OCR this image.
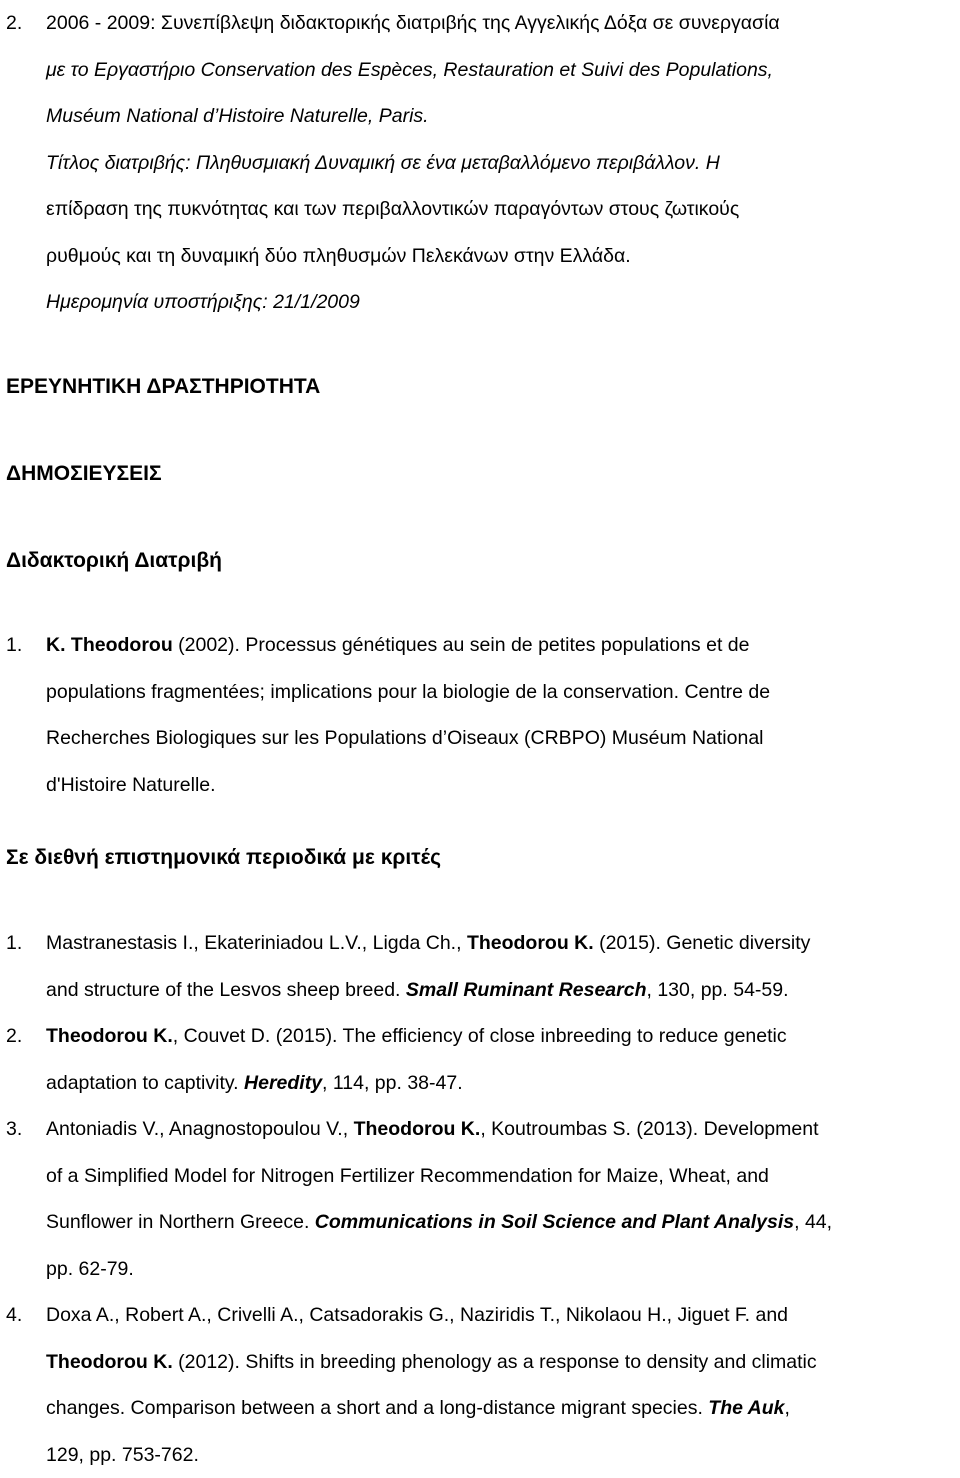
2. 2006 - 2009: Συνεπίβλεψη διδακτορικής διατριβής της Αγγελικής Δόξα σε συνεργασία
με το Εργαστήριο Conservation des Espèces, Restauration et Suivi des Populations,
Muséum National d’Histoire Naturelle, Paris.
Τίτλος διατριβής: Πληθυσμιακή Δυναμική σε ένα μεταβαλλόμενο περιβάλλον. Η
επίδραση της πυκνότητας και των περιβαλλοντικών παραγόντων στους ζωτικούς
ρυθμούς και τη δυναμική δύο πληθυσμών Πελεκάνων στην Ελλάδα.
Ημερομηνία υποστήριξης: 21/1/2009
ΕΡΕΥΝΗΤΙΚΗ ΔΡΑΣΤΗΡΙΟΤΗΤΑ
ΔΗΜΟΣΙΕΥΣΕΙΣ
Διδακτορική Διατριβή
1. K. Theodorou (2002). Processus génétiques au sein de petites populations et de
populations fragmentées; implications pour la biologie de la conservation. Centre de
Recherches Biologiques sur les Populations d’Oiseaux (CRBPO) Muséum National
d'Histoire Naturelle.
Σε διεθνή επιστημονικά περιοδικά με κριτές
1. Mastranestasis I., Ekateriniadou L.V., Ligda Ch., Theodorou K. (2015). Genetic diversity
and structure of the Lesvos sheep breed. Small Ruminant Research, 130, pp. 54-59.
2. Theodorou K., Couvet D. (2015). The efficiency of close inbreeding to reduce genetic
adaptation to captivity. Heredity, 114, pp. 38-47.
3. Antoniadis V., Anagnostopoulou V., Theodorou K., Koutroumbas S. (2013). Development
of a Simplified Model for Nitrogen Fertilizer Recommendation for Maize, Wheat, and
Sunflower in Northern Greece. Communications in Soil Science and Plant Analysis, 44,
pp. 62-79.
4. Doxa A., Robert A., Crivelli A., Catsadorakis G., Naziridis T., Nikolaou H., Jiguet F. and
Theodorou K. (2012). Shifts in breeding phenology as a response to density and climatic
changes. Comparison between a short and a long-distance migrant species. The Auk,
129, pp. 753-762.
